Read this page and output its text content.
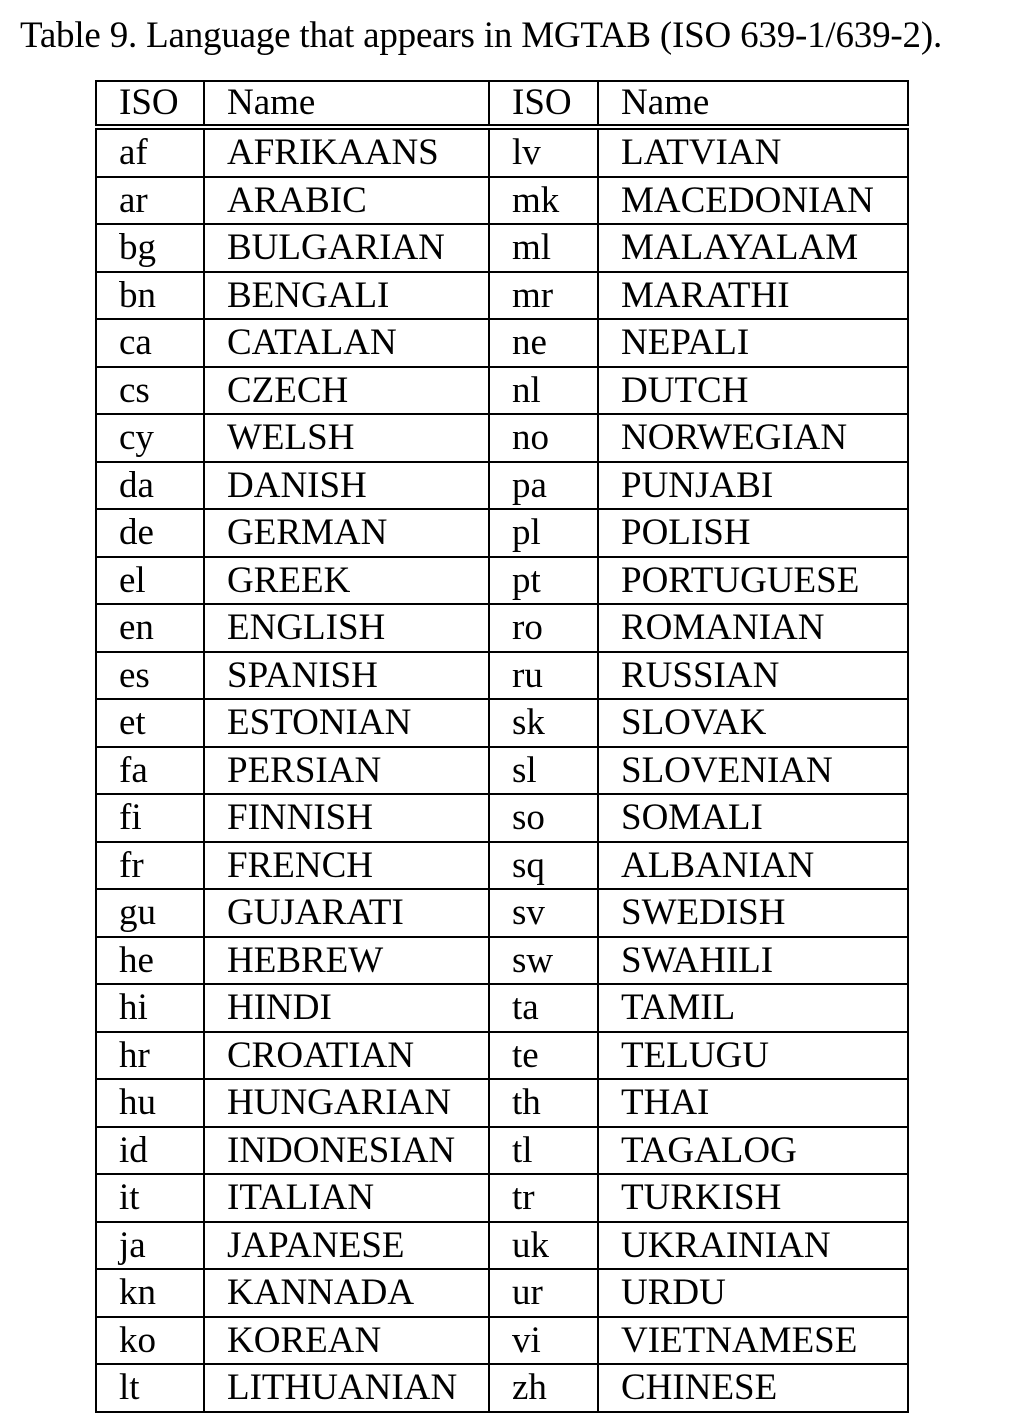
Table 9. Language that appears in MGTAB (ISO 639-1/639-2).
ISO	Name	ISO	Name
af	AFRIKAANS	lv	LATVIAN
ar	ARABIC	mk	MACEDONIAN
bg	BULGARIAN	ml	MALAYALAM
bn	BENGALI	mr	MARATHI
ca	CATALAN	ne	NEPALI
cs	CZECH	nl	DUTCH
cy	WELSH	no	NORWEGIAN
da	DANISH	pa	PUNJABI
de	GERMAN	pl	POLISH
el	GREEK	pt	PORTUGUESE
en	ENGLISH	ro	ROMANIAN
es	SPANISH	ru	RUSSIAN
et	ESTONIAN	sk	SLOVAK
fa	PERSIAN	sl	SLOVENIAN
fi	FINNISH	so	SOMALI
fr	FRENCH	sq	ALBANIAN
gu	GUJARATI	sv	SWEDISH
he	HEBREW	sw	SWAHILI
hi	HINDI	ta	TAMIL
hr	CROATIAN	te	TELUGU
hu	HUNGARIAN	th	THAI
id	INDONESIAN	tl	TAGALOG
it	ITALIAN	tr	TURKISH
ja	JAPANESE	uk	UKRAINIAN
kn	KANNADA	ur	URDU
ko	KOREAN	vi	VIETNAMESE
lt	LITHUANIAN	zh	CHINESE
